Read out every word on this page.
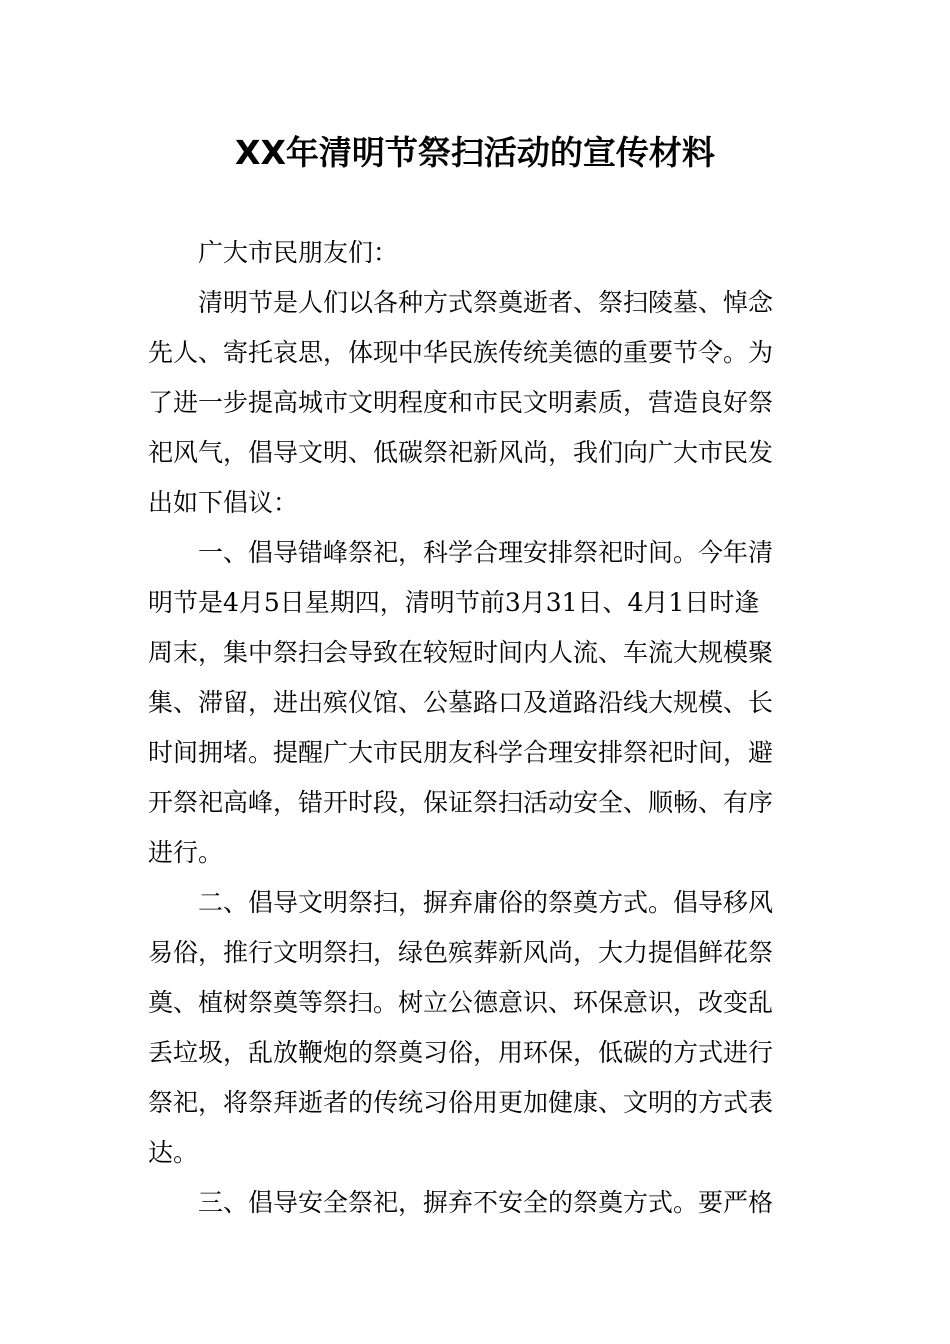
XX年清明节祭扫活动的宣传材料
广大市民朋友们：
清明节是人们以各种方式祭奠逝者、祭扫陵墓、悼念
先人、寄托哀思，体现中华民族传统美德的重要节令。为
了进一步提高城市文明程度和市民文明素质，营造良好祭
祀风气，倡导文明、低碳祭祀新风尚，我们向广大市民发
出如下倡议：
一、倡导错峰祭祀，科学合理安排祭祀时间。今年清
明节是4月5日星期四，清明节前3月31日、4月1日时逢
周末，集中祭扫会导致在较短时间内人流、车流大规模聚
集、滞留，进出殡仪馆、公墓路口及道路沿线大规模、长
时间拥堵。提醒广大市民朋友科学合理安排祭祀时间，避
开祭祀高峰，错开时段，保证祭扫活动安全、顺畅、有序
进行。
二、倡导文明祭扫，摒弃庸俗的祭奠方式。倡导移风
易俗，推行文明祭扫，绿色殡葬新风尚，大力提倡鲜花祭
奠、植树祭奠等祭扫。树立公德意识、环保意识，改变乱
丢垃圾，乱放鞭炮的祭奠习俗，用环保，低碳的方式进行
祭祀，将祭拜逝者的传统习俗用更加健康、文明的方式表
达。
三、倡导安全祭祀，摒弃不安全的祭奠方式。要严格
